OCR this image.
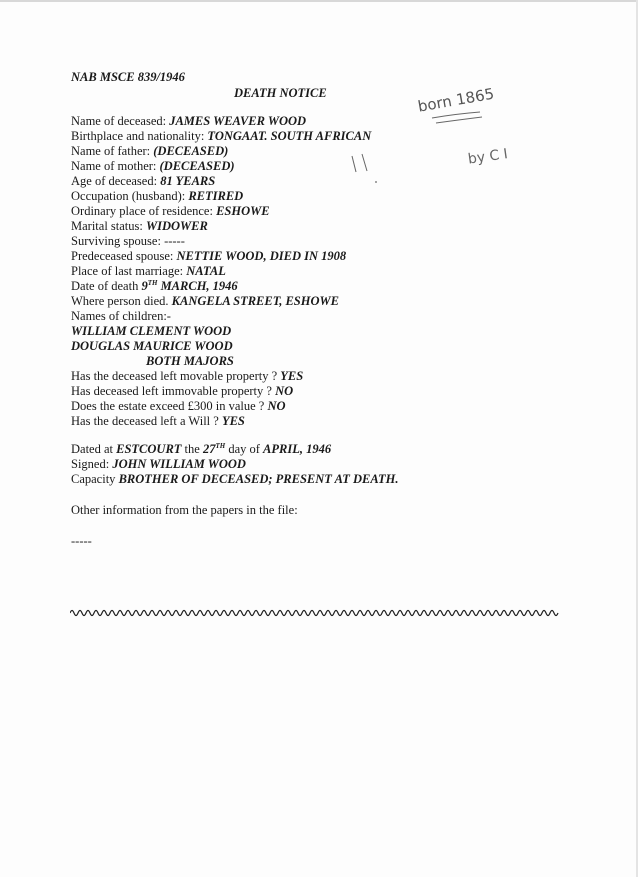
NAB MSCE 839/1946
DEATH NOTICE
Name of deceased: JAMES WEAVER WOOD
Birthplace and nationality: TONGAAT. SOUTH AFRICAN
Name of father: (DECEASED)
Name of mother: (DECEASED)
Age of deceased: 81 YEARS
Occupation (husband): RETIRED
Ordinary place of residence: ESHOWE
Marital status: WIDOWER
Surviving spouse: -----
Predeceased spouse: NETTIE WOOD, DIED IN 1908
Place of last marriage: NATAL
Date of death 9TH MARCH, 1946
Where person died. KANGELA STREET, ESHOWE
Names of children:-
WILLIAM CLEMENT WOOD
DOUGLAS MAURICE WOOD
BOTH MAJORS
Has the deceased left movable property ? YES
Has deceased left immovable property ? NO
Does the estate exceed £300 in value ? NO
Has the deceased left a Will ? YES
Dated at ESTCOURT the 27TH day of APRIL, 1946
Signed: JOHN WILLIAM WOOD
Capacity BROTHER OF DECEASED; PRESENT AT DEATH.
Other information from the papers in the file:
-----
born 1865
by C I
